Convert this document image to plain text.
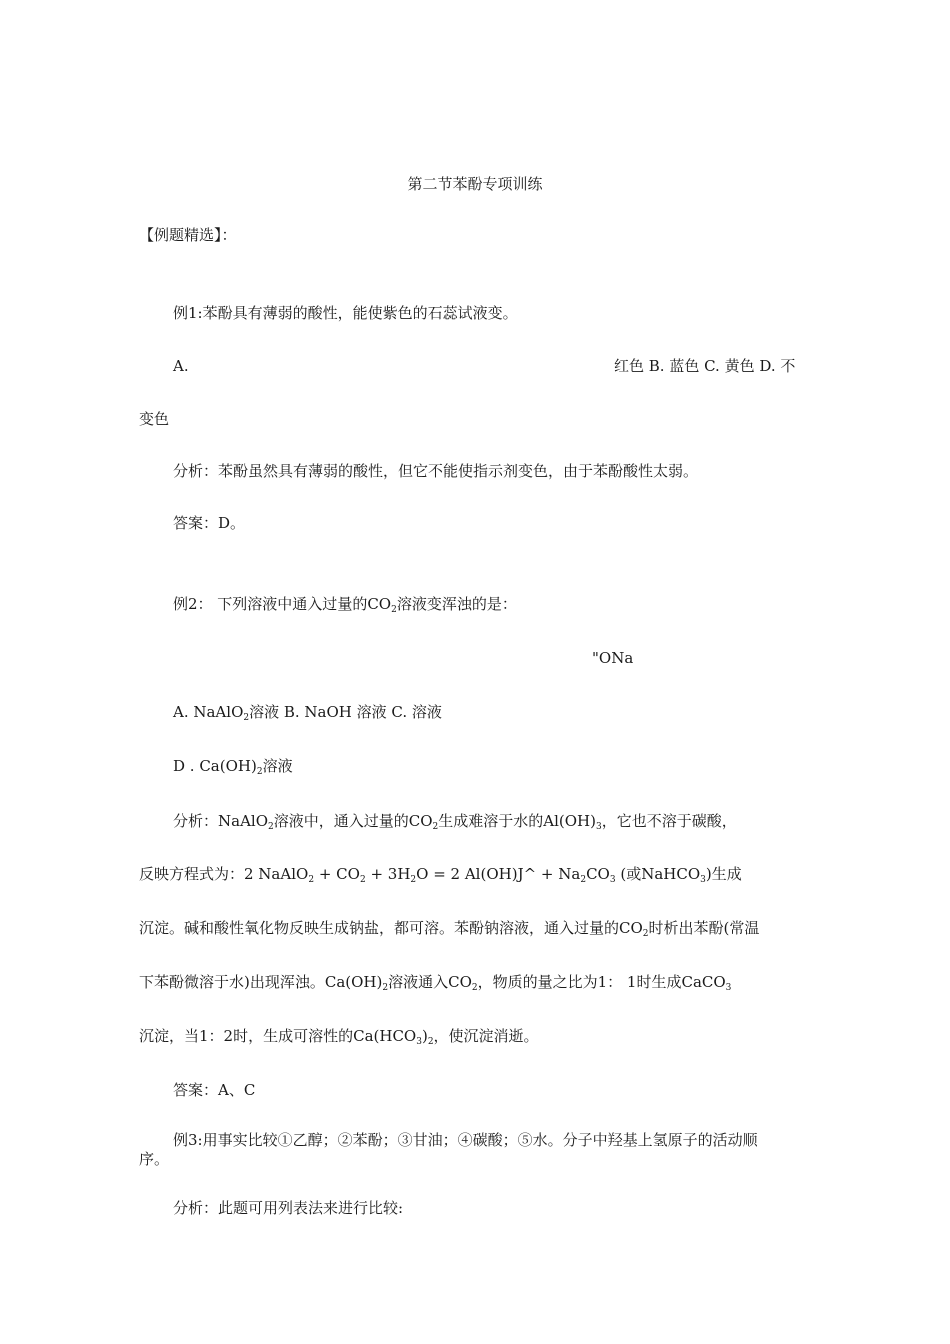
第二节苯酚专项训练
【例题精选】：
例1:苯酚具有薄弱的酸性，能使紫色的石蕊试液变。
A.	红色 B. 蓝色 C. 黄色 D. 不
变色
分析：苯酚虽然具有薄弱的酸性，但它不能使指示剂变色，由于苯酚酸性太弱。
答案：D。
例2： 下列溶液中通入过量的$CO_2$溶液变浑浊的是：
"ONa
A. NaAlO$_2$溶液 B. NaOH 溶液 C. 溶液
D . $Ca(OH)_2$溶液
分析：NaAlO$_2$溶液中，通入过量的$CO_2$生成难溶于水的$Al(OH)_3$，它也不溶于碳酸，
反映方程式为：2 NaAlO$_2$ + $CO_2 + 3H_2O = 2$ Al(OH)J^ + $Na_2CO_3$ (或NaHCO$_3$)生成
沉淀。碱和酸性氧化物反映生成钠盐，都可溶。苯酚钠溶液，通入过量的$CO_2$时析出苯酚(常温
下苯酚微溶于水)出现浑浊。$Ca(OH)_2$溶液通入$CO_2$，物质的量之比为1： 1时生成CaCO$_3$
沉淀，当1：2时，生成可溶性的$Ca(HCO_3)_2$，使沉淀消逝。
答案：A、C
例3:用事实比较①乙醇；②苯酚；③甘油；④碳酸；⑤水。分子中羟基上氢原子的活动顺
序。
分析：此题可用列表法来进行比较:
